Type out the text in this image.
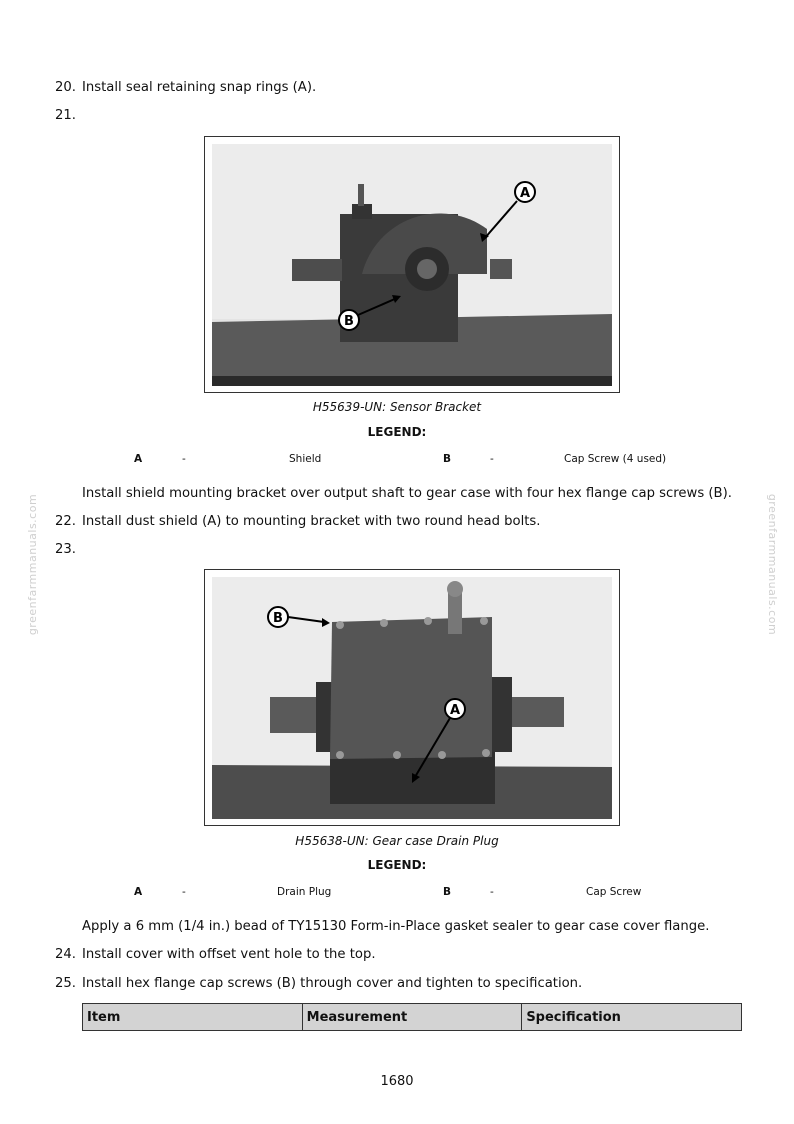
20. Install seal retaining snap rings (A).
21.
A
B
H55639-UN: Sensor Bracket
LEGEND:
A	-	Shield	B	-	Cap Screw (4 used)
Install shield mounting bracket over output shaft to gear case with four hex flange cap screws (B).
22. Install dust shield (A) to mounting bracket with two round head bolts.
23.
B
A
H55638-UN: Gear case Drain Plug
LEGEND:
A	-	Drain Plug	B	-	Cap Screw
Apply a 6 mm (1/4 in.) bead of TY15130 Form-in-Place gasket sealer to gear case cover flange.
24. Install cover with offset vent hole to the top.
25. Install hex flange cap screws (B) through cover and tighten to specification.
Item	Measurement	Specification
greenfarmmanuals.com	greenfarmmanuals.com
1680
